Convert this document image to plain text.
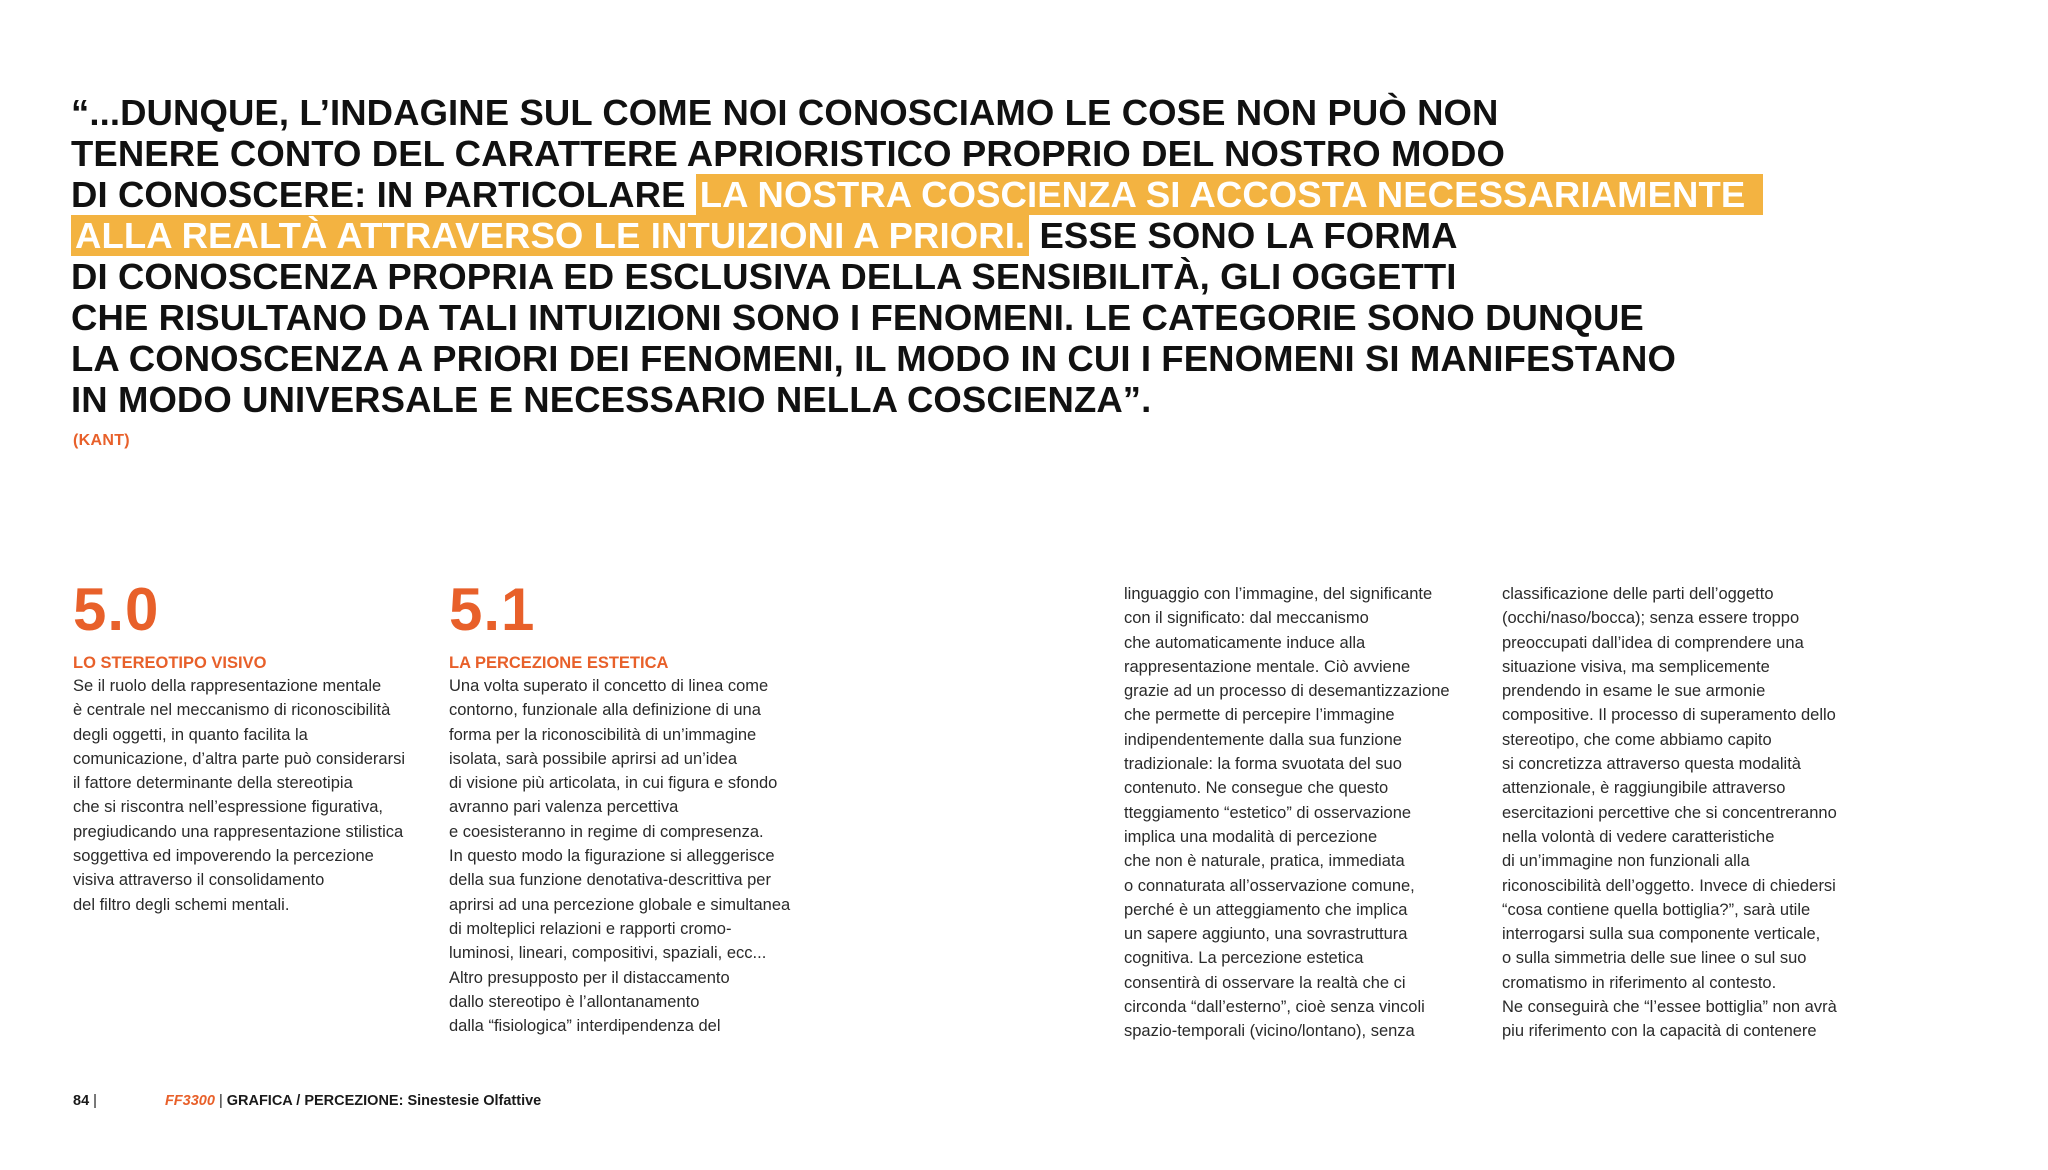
“...DUNQUE, L’INDAGINE SUL COME NOI CONOSCIAMO LE COSE NON PUÒ NON
TENERE CONTO DEL CARATTERE APRIORISTICO PROPRIO DEL NOSTRO MODO
DI CONOSCERE: IN PARTICOLARE LA NOSTRA COSCIENZA SI ACCOSTA NECESSARIAMENTE
ALLA REALTÀ ATTRAVERSO LE INTUIZIONI A PRIORI. ESSE SONO LA FORMA
DI CONOSCENZA PROPRIA ED ESCLUSIVA DELLA SENSIBILITÀ, GLI OGGETTI
CHE RISULTANO DA TALI INTUIZIONI SONO I FENOMENI. LE CATEGORIE SONO DUNQUE
LA CONOSCENZA A PRIORI DEI FENOMENI, IL MODO IN CUI I FENOMENI SI MANIFESTANO
IN MODO UNIVERSALE E NECESSARIO NELLA COSCIENZA”.
(KANT)
5.0
LO STEREOTIPO VISIVO
Se il ruolo della rappresentazione mentale
è centrale nel meccanismo di riconoscibilità
degli oggetti, in quanto facilita la
comunicazione, d’altra parte può considerarsi
il fattore determinante della stereotipia
che si riscontra nell’espressione figurativa,
pregiudicando una rappresentazione stilistica
soggettiva ed impoverendo la percezione
visiva attraverso il consolidamento
del filtro degli schemi mentali.
5.1
LA PERCEZIONE ESTETICA
Una volta superato il concetto di linea come
contorno, funzionale alla definizione di una
forma per la riconoscibilità di un’immagine
isolata, sarà possibile aprirsi ad un’idea
di visione più articolata, in cui figura e sfondo
avranno pari valenza percettiva
e coesisteranno in regime di compresenza.
In questo modo la figurazione si alleggerisce
della sua funzione denotativa-descrittiva per
aprirsi ad una percezione globale e simultanea
di molteplici relazioni e rapporti cromo-
luminosi, lineari, compositivi, spaziali, ecc...
Altro presupposto per il distaccamento
dallo stereotipo è l’allontanamento
dalla “fisiologica” interdipendenza del
linguaggio con l’immagine, del significante
con il significato: dal meccanismo
che automaticamente induce alla
rappresentazione mentale. Ciò avviene
grazie ad un processo di desemantizzazione
che permette di percepire l’immagine
indipendentemente dalla sua funzione
tradizionale: la forma svuotata del suo
contenuto. Ne consegue che questo
tteggiamento “estetico” di osservazione
implica una modalità di percezione
che non è naturale, pratica, immediata
o connaturata all’osservazione comune,
perché è un atteggiamento che implica
un sapere aggiunto, una sovrastruttura
cognitiva. La percezione estetica
consentirà di osservare la realtà che ci
circonda “dall’esterno”, cioè senza vincoli
spazio-temporali (vicino/lontano), senza
classificazione delle parti dell’oggetto
(occhi/naso/bocca); senza essere troppo
preoccupati dall’idea di comprendere una
situazione visiva, ma semplicemente
prendendo in esame le sue armonie
compositive. Il processo di superamento dello
stereotipo, che come abbiamo capito
si concretizza attraverso questa modalità
attenzionale, è raggiungibile attraverso
esercitazioni percettive che si concentreranno
nella volontà di vedere caratteristiche
di un’immagine non funzionali alla
riconoscibilità dell’oggetto. Invece di chiedersi
“cosa contiene quella bottiglia?”, sarà utile
interrogarsi sulla sua componente verticale,
o sulla simmetria delle sue linee o sul suo
cromatismo in riferimento al contesto.
Ne conseguirà che “l’essee bottiglia” non avrà
piu riferimento con la capacità di contenere
84 |	FF3300 | GRAFICA / PERCEZIONE: Sinestesie Olfattive
